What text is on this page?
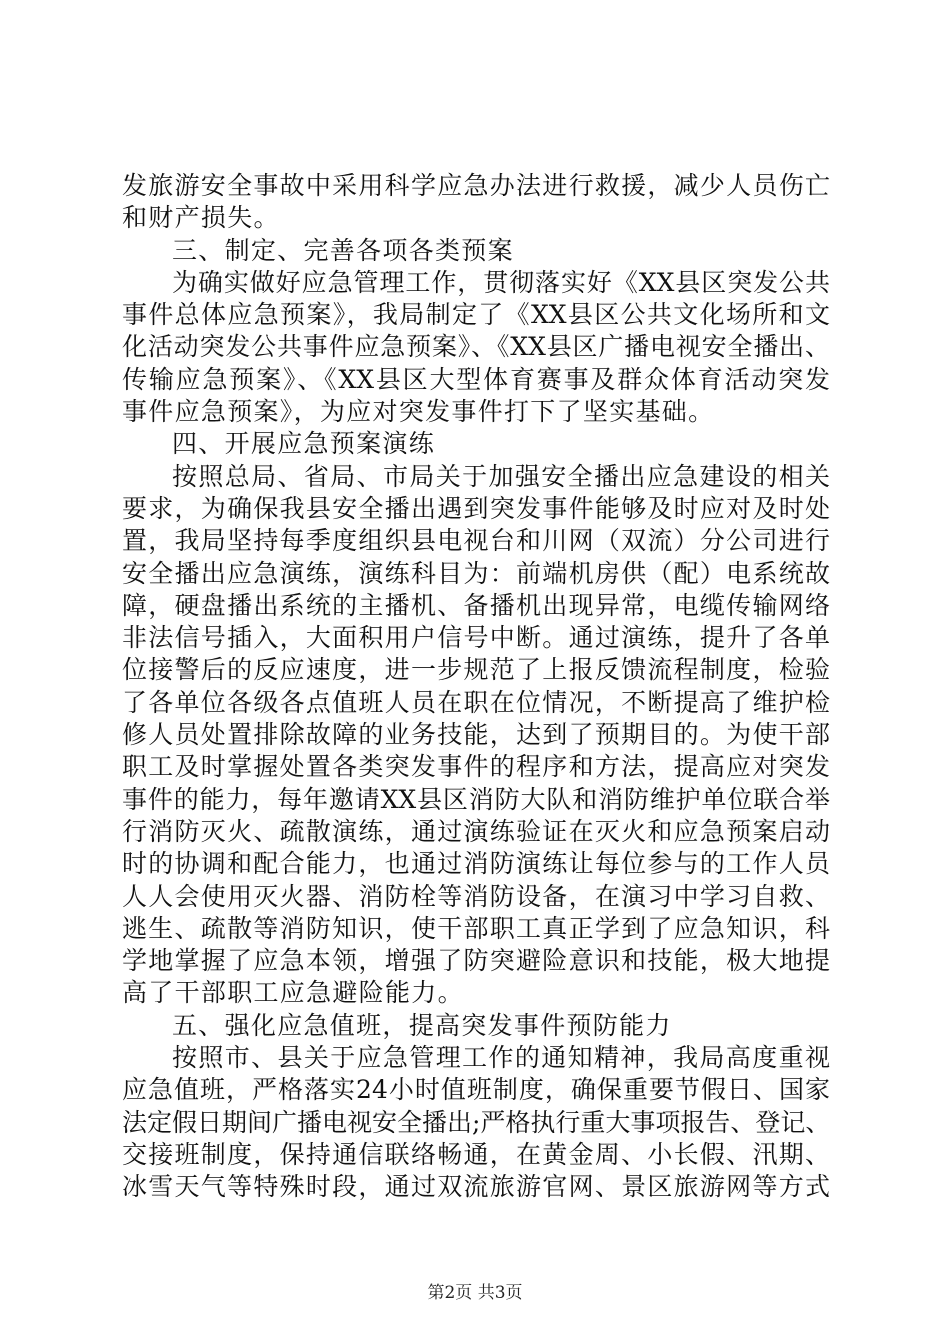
发旅游安全事故中采用科学应急办法进行救援，减少人员伤亡
和财产损失。
三、制定、完善各项各类预案
为确实做好应急管理工作，贯彻落实好《XX县区突发公共
事件总体应急预案》，我局制定了《XX县区公共文化场所和文
化活动突发公共事件应急预案》、《XX县区广播电视安全播出、
传输应急预案》、《XX县区大型体育赛事及群众体育活动突发
事件应急预案》，为应对突发事件打下了坚实基础。
四、开展应急预案演练
按照总局、省局、市局关于加强安全播出应急建设的相关
要求，为确保我县安全播出遇到突发事件能够及时应对及时处
置，我局坚持每季度组织县电视台和川网（双流）分公司进行
安全播出应急演练，演练科目为：前端机房供（配）电系统故
障，硬盘播出系统的主播机、备播机出现异常，电缆传输网络
非法信号插入，大面积用户信号中断。通过演练，提升了各单
位接警后的反应速度，进一步规范了上报反馈流程制度，检验
了各单位各级各点值班人员在职在位情况，不断提高了维护检
修人员处置排除故障的业务技能，达到了预期目的。为使干部
职工及时掌握处置各类突发事件的程序和方法，提高应对突发
事件的能力，每年邀请XX县区消防大队和消防维护单位联合举
行消防灭火、疏散演练，通过演练验证在灭火和应急预案启动
时的协调和配合能力，也通过消防演练让每位参与的工作人员
人人会使用灭火器、消防栓等消防设备，在演习中学习自救、
逃生、疏散等消防知识，使干部职工真正学到了应急知识，科
学地掌握了应急本领，增强了防突避险意识和技能，极大地提
高了干部职工应急避险能力。
五、强化应急值班，提高突发事件预防能力
按照市、县关于应急管理工作的通知精神，我局高度重视
应急值班，严格落实24小时值班制度，确保重要节假日、国家
法定假日期间广播电视安全播出;严格执行重大事项报告、登记、
交接班制度，保持通信联络畅通，在黄金周、小长假、汛期、
冰雪天气等特殊时段，通过双流旅游官网、景区旅游网等方式
第2页 共3页
